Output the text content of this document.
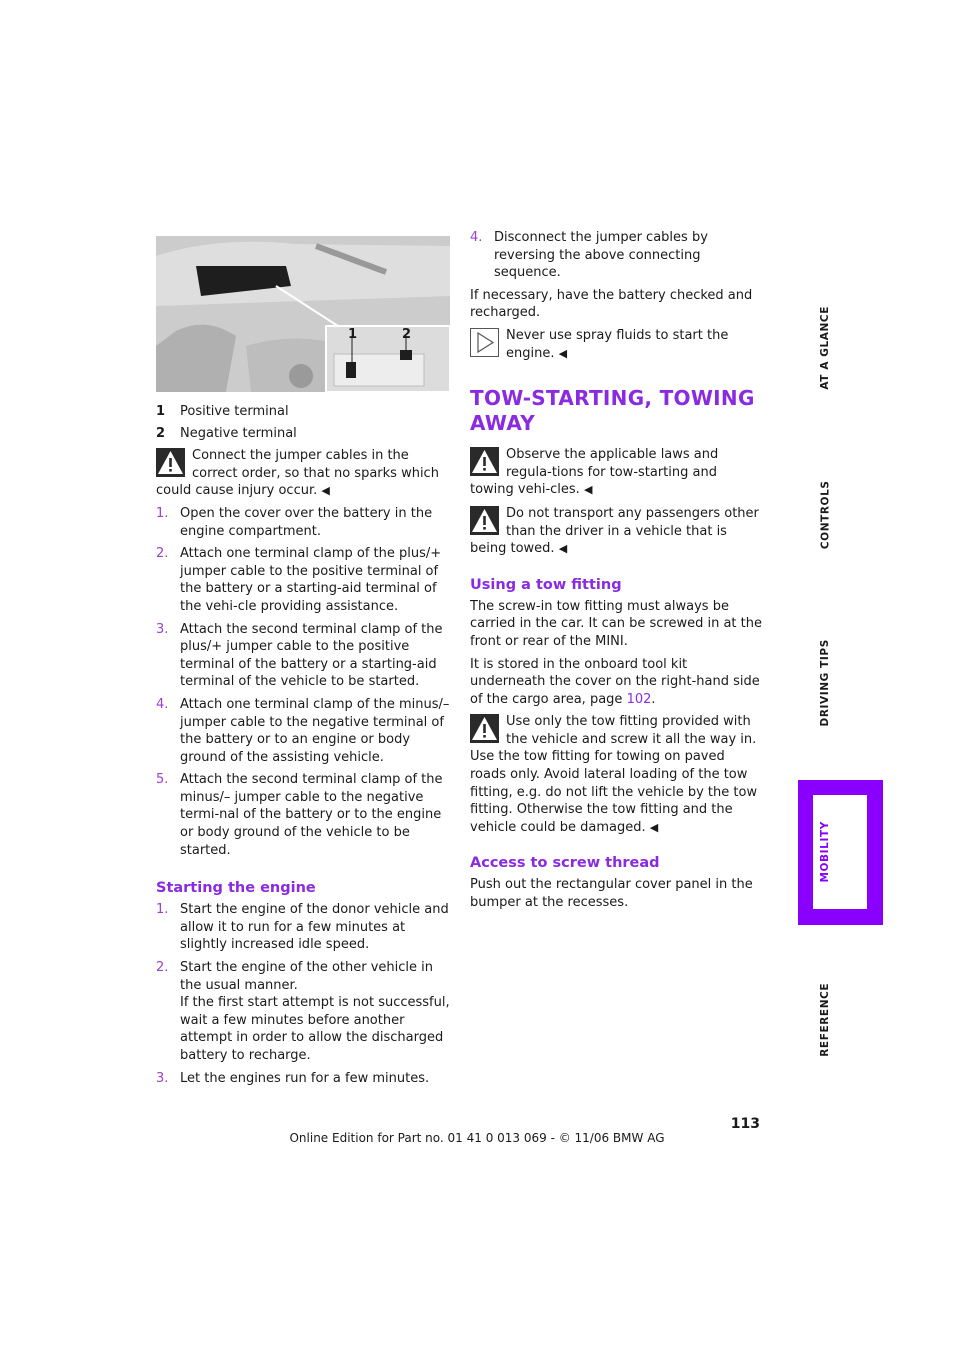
1	2
1	Positive terminal
2	Negative terminal
Connect the jumper cables in the correct order, so that no sparks which could cause injury occur. ◀
1. Open the cover over the battery in the engine compartment.
2. Attach one terminal clamp of the plus/+ jumper cable to the positive terminal of the battery or a starting-aid terminal of the vehi-cle providing assistance.
3. Attach the second terminal clamp of the plus/+ jumper cable to the positive terminal of the battery or a starting-aid terminal of the vehicle to be started.
4. Attach one terminal clamp of the minus/– jumper cable to the negative terminal of the battery or to an engine or body ground of the assisting vehicle.
5. Attach the second terminal clamp of the minus/– jumper cable to the negative termi-nal of the battery or to the engine or body ground of the vehicle to be started.
Starting the engine
1. Start the engine of the donor vehicle and allow it to run for a few minutes at slightly increased idle speed.
2. Start the engine of the other vehicle in the usual manner.
If the first start attempt is not successful, wait a few minutes before another attempt in order to allow the discharged battery to recharge.
3. Let the engines run for a few minutes.
4. Disconnect the jumper cables by reversing the above connecting sequence.

If necessary, have the battery checked and recharged.

Never use spray fluids to start the engine. ◀
TOW-STARTING, TOWING AWAY
Observe the applicable laws and regula-tions for tow-starting and towing vehi-cles. ◀
Do not transport any passengers other than the driver in a vehicle that is being towed. ◀
Using a tow fitting

The screw-in tow fitting must always be carried in the car. It can be screwed in at the front or rear of the MINI.

It is stored in the onboard tool kit underneath the cover on the right-hand side of the cargo area, page 102.

Use only the tow fitting provided with the vehicle and screw it all the way in. Use the tow fitting for towing on paved roads only. Avoid lateral loading of the tow fitting, e.g. do not lift the vehicle by the tow fitting. Otherwise the tow fitting and the vehicle could be damaged. ◀
Access to screw thread

Push out the rectangular cover panel in the bumper at the recesses.

AT A GLANCE
CONTROLS
DRIVING TIPS
MOBILITY
REFERENCE
113
Online Edition for Part no. 01 41 0 013 069 - © 11/06 BMW AG
